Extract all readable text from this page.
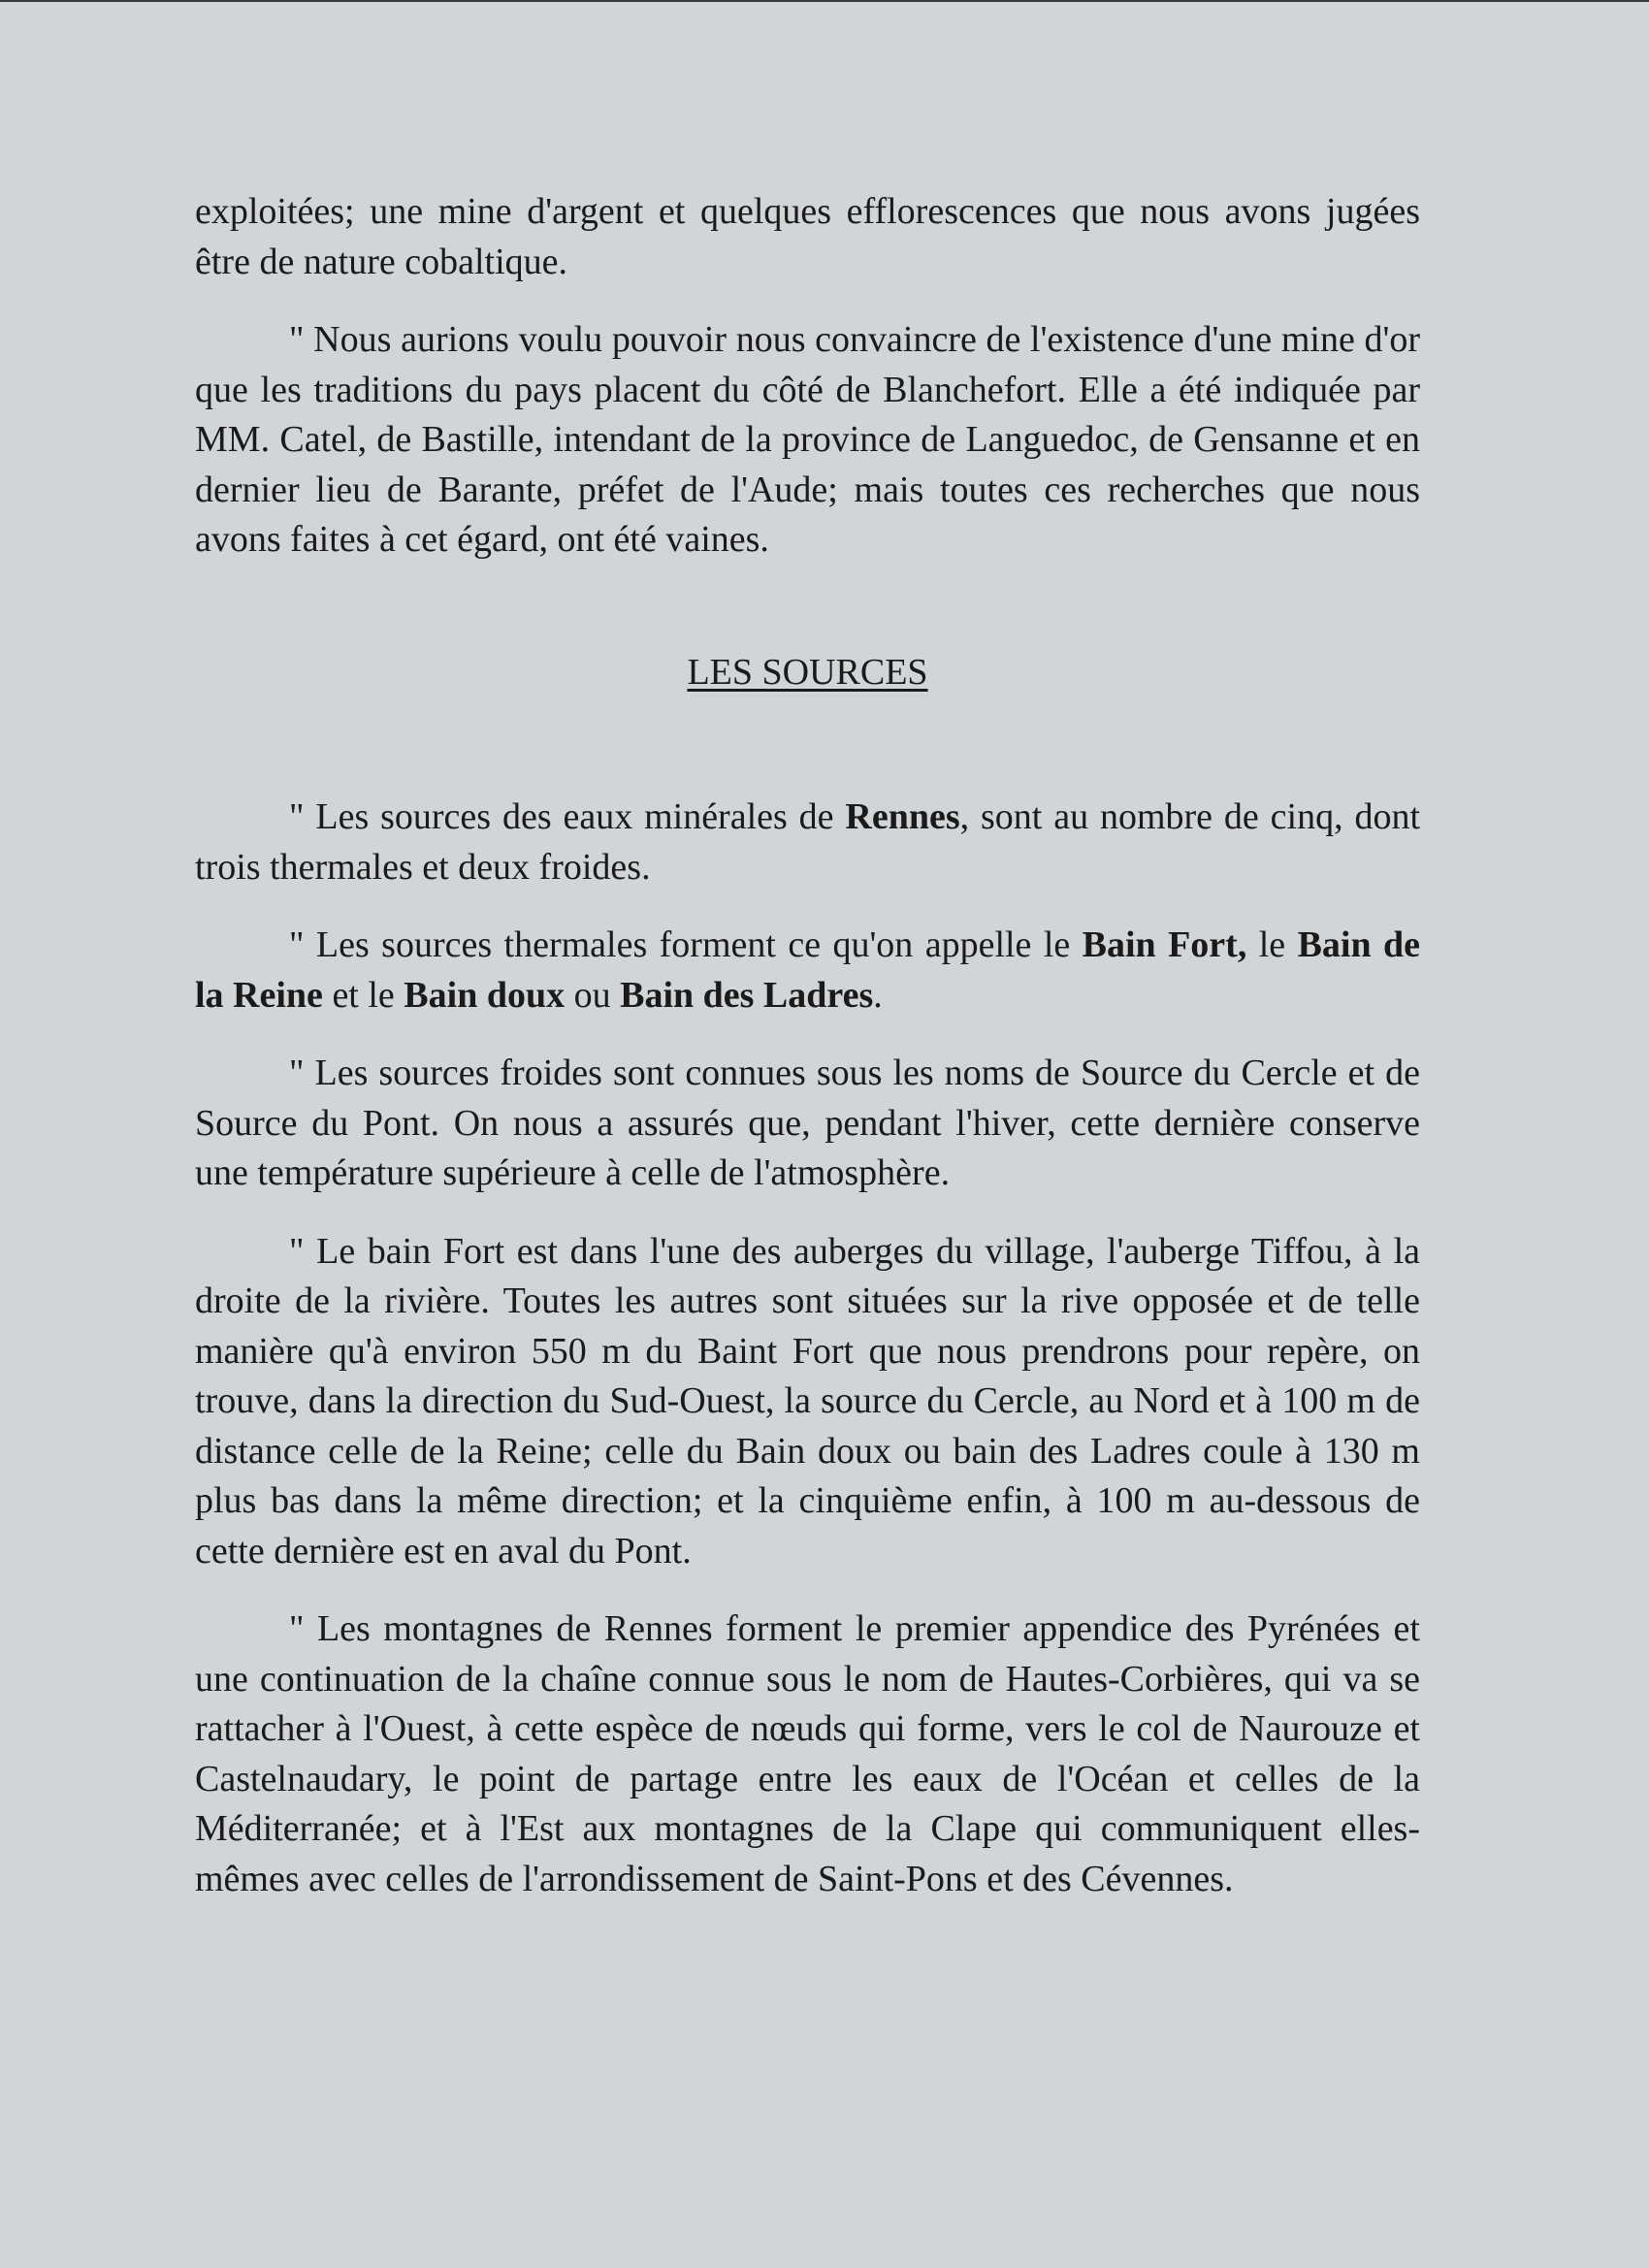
exploitées; une mine d'argent et quelques efflorescences que nous avons jugées être de nature cobaltique.

" Nous aurions voulu pouvoir nous convaincre de l'existence d'une mine d'or que les traditions du pays placent du côté de Blanchefort. Elle a été indiquée par MM. Catel, de Bastille, intendant de la province de Languedoc, de Gensanne et en dernier lieu de Barante, préfet de l'Aude; mais toutes ces recherches que nous avons faites à cet égard, ont été vaines.

LES SOURCES

" Les sources des eaux minérales de Rennes, sont au nombre de cinq, dont trois thermales et deux froides.

" Les sources thermales forment ce qu'on appelle le Bain Fort, le Bain de la Reine et le Bain doux ou Bain des Ladres.

" Les sources froides sont connues sous les noms de Source du Cercle et de Source du Pont. On nous a assurés que, pendant l'hiver, cette dernière conserve une température supérieure à celle de l'atmosphère.

" Le bain Fort est dans l'une des auberges du village, l'auberge Tiffou, à la droite de la rivière. Toutes les autres sont situées sur la rive opposée et de telle manière qu'à environ 550 m du Baint Fort que nous prendrons pour repère, on trouve, dans la direction du Sud-Ouest, la source du Cercle, au Nord et à 100 m de distance celle de la Reine; celle du Bain doux ou bain des Ladres coule à 130 m plus bas dans la même direction; et la cinquième enfin, à 100 m au-dessous de cette dernière est en aval du Pont.

" Les montagnes de Rennes forment le premier appendice des Pyrénées et une continuation de la chaîne connue sous le nom de Hautes-Corbières, qui va se rattacher à l'Ouest, à cette espèce de nœuds qui forme, vers le col de Naurouze et Castelnaudary, le point de partage entre les eaux de l'Océan et celles de la Méditerranée; et à l'Est aux montagnes de la Clape qui communiquent elles-mêmes avec celles de l'arrondissement de Saint-Pons et des Cévennes.
